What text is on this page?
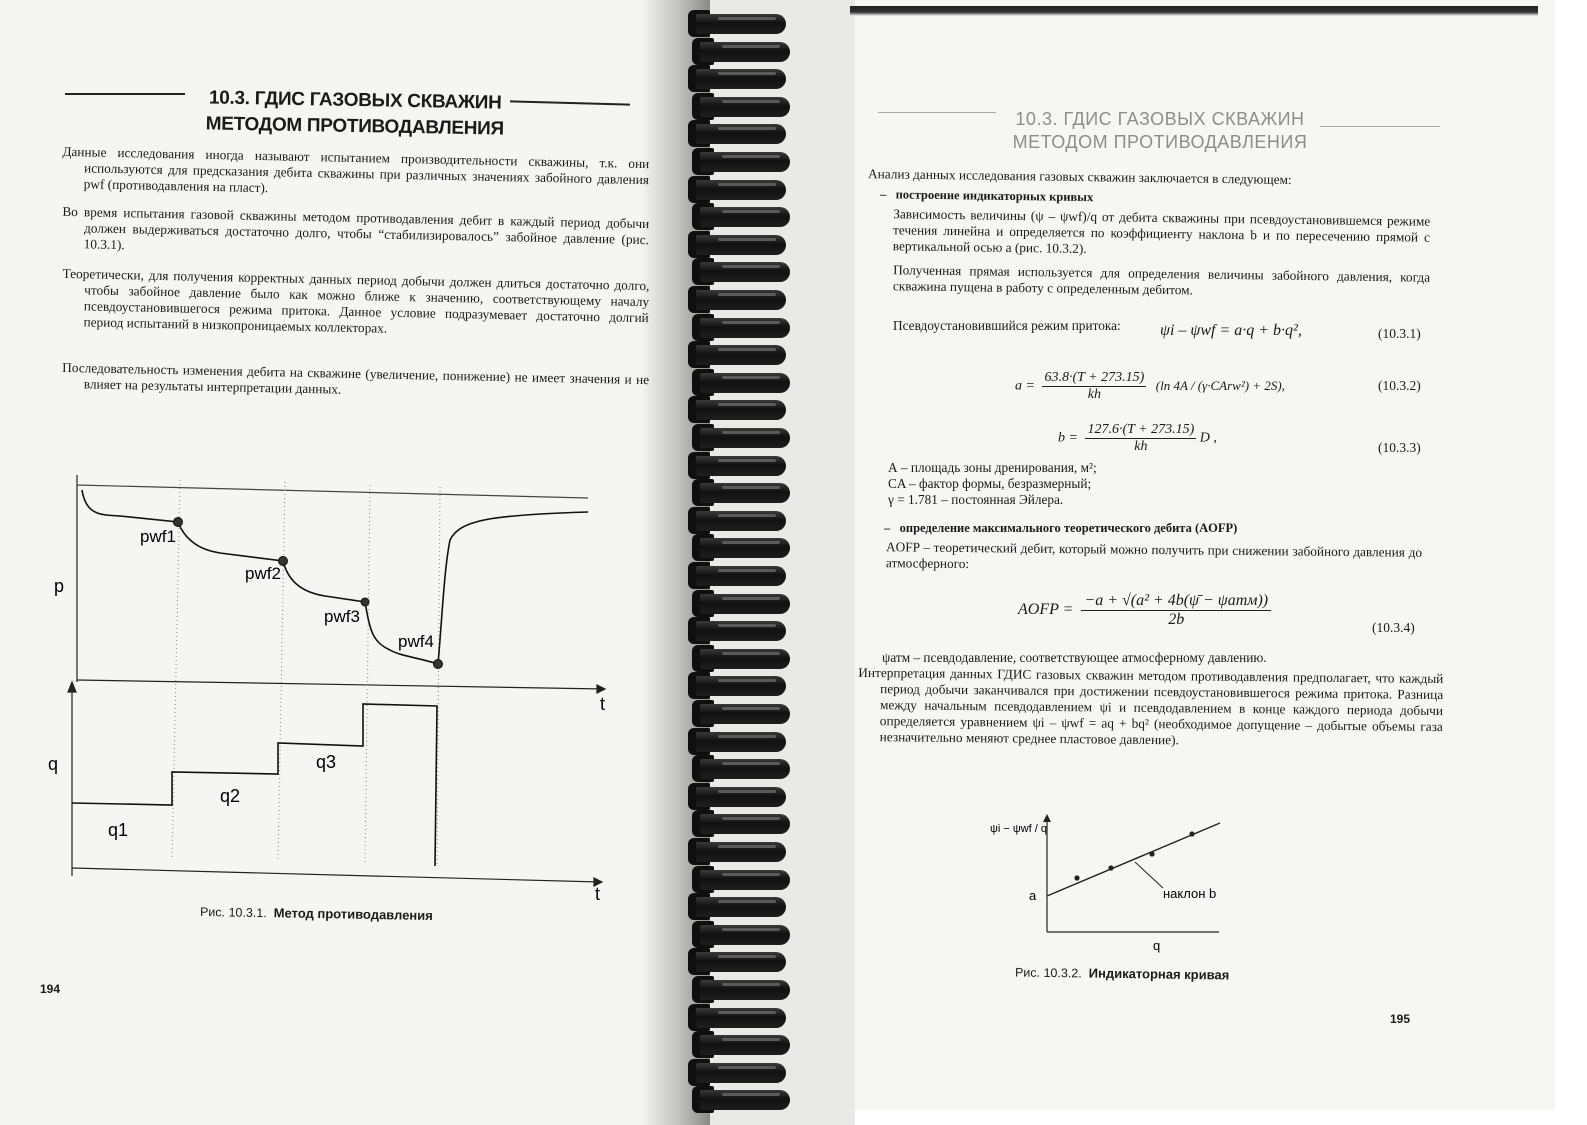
10.3. ГДИС ГАЗОВЫХ СКВАЖИН
МЕТОДОМ ПРОТИВОДАВЛЕНИЯ
Данные исследования иногда называют испытанием производительности скважины, т.к. они используются для предсказания дебита скважины при различных значениях забойного давления pwf (противодавления на пласт).
Во время испытания газовой скважины методом противодавления дебит в каждый период добычи должен выдерживаться достаточно долго, чтобы “стабилизировалось” забойное давление (рис. 10.3.1).
Теоретически, для получения корректных данных период добычи должен длиться достаточно долго, чтобы забойное давление было как можно ближе к значению, соответствующему началу псевдоустановившегося режима притока. Данное условие подразумевает достаточно долгий период испытаний в низкопроницаемых коллекторах.
Последовательность изменения дебита на скважине (увеличение, понижение) не имеет значения и не влияет на результаты интерпретации данных.
p
q
t
t
pwf1
pwf2
pwf3
pwf4
q1
q2
q3
Рис. 10.3.1. Метод противодавления
194
10.3. ГДИС ГАЗОВЫХ СКВАЖИН
МЕТОДОМ ПРОТИВОДАВЛЕНИЯ
Анализ данных исследования газовых скважин заключается в следующем:
–   построение индикаторных кривых
Зависимость величины (ψ – ψwf)/q от дебита скважины при псевдоустановившемся режиме течения линейна и определяется по коэффициенту наклона b и по пересечению прямой с вертикальной осью a (рис. 10.3.2).
Полученная прямая используется для определения величины забойного давления, когда скважина пущена в работу с определенным дебитом.
Псевдоустановившийся режим притока:	ψi – ψwf = a·q + b·q²,	(10.3.1)
$a = \frac{63.8\cdot(T + 273.15)}{kh} (\ln$ 4A / (γ·CArw²) + 2S),	(10.3.2)
$b = \frac{127.6\cdot(T + 273.15)}{kh}$ D ,
(10.3.3)
А – площадь зоны дренирования, м²;
CA – фактор формы, безразмерный;
γ = 1.781 – постоянная Эйлера.
–   определение максимального теоретического дебита (AOFP)
AOFP – теоретический дебит, который можно получить при снижении забойного давления до атмосферного:
AOFP =
−a + √(a² + 4b(ψ̄ − ψатм))
2b	(10.3.4)
ψатм – псевдодавление, соответствующее атмосферному давлению.
Интерпретация данных ГДИС газовых скважин методом противодавления предполагает, что каждый период добычи заканчивался при достижении псевдоустановившегося режима притока. Разница между начальным псевдодавлением ψi и псевдодавлением в конце каждого периода добычи определяется уравнением ψi – ψwf = aq + bq² (необходимое допущение – добытые объемы газа незначительно меняют среднее пластовое давление).
ψi − ψwf / q
a
q
наклон b
Рис. 10.3.2. Индикаторная кривая
195
